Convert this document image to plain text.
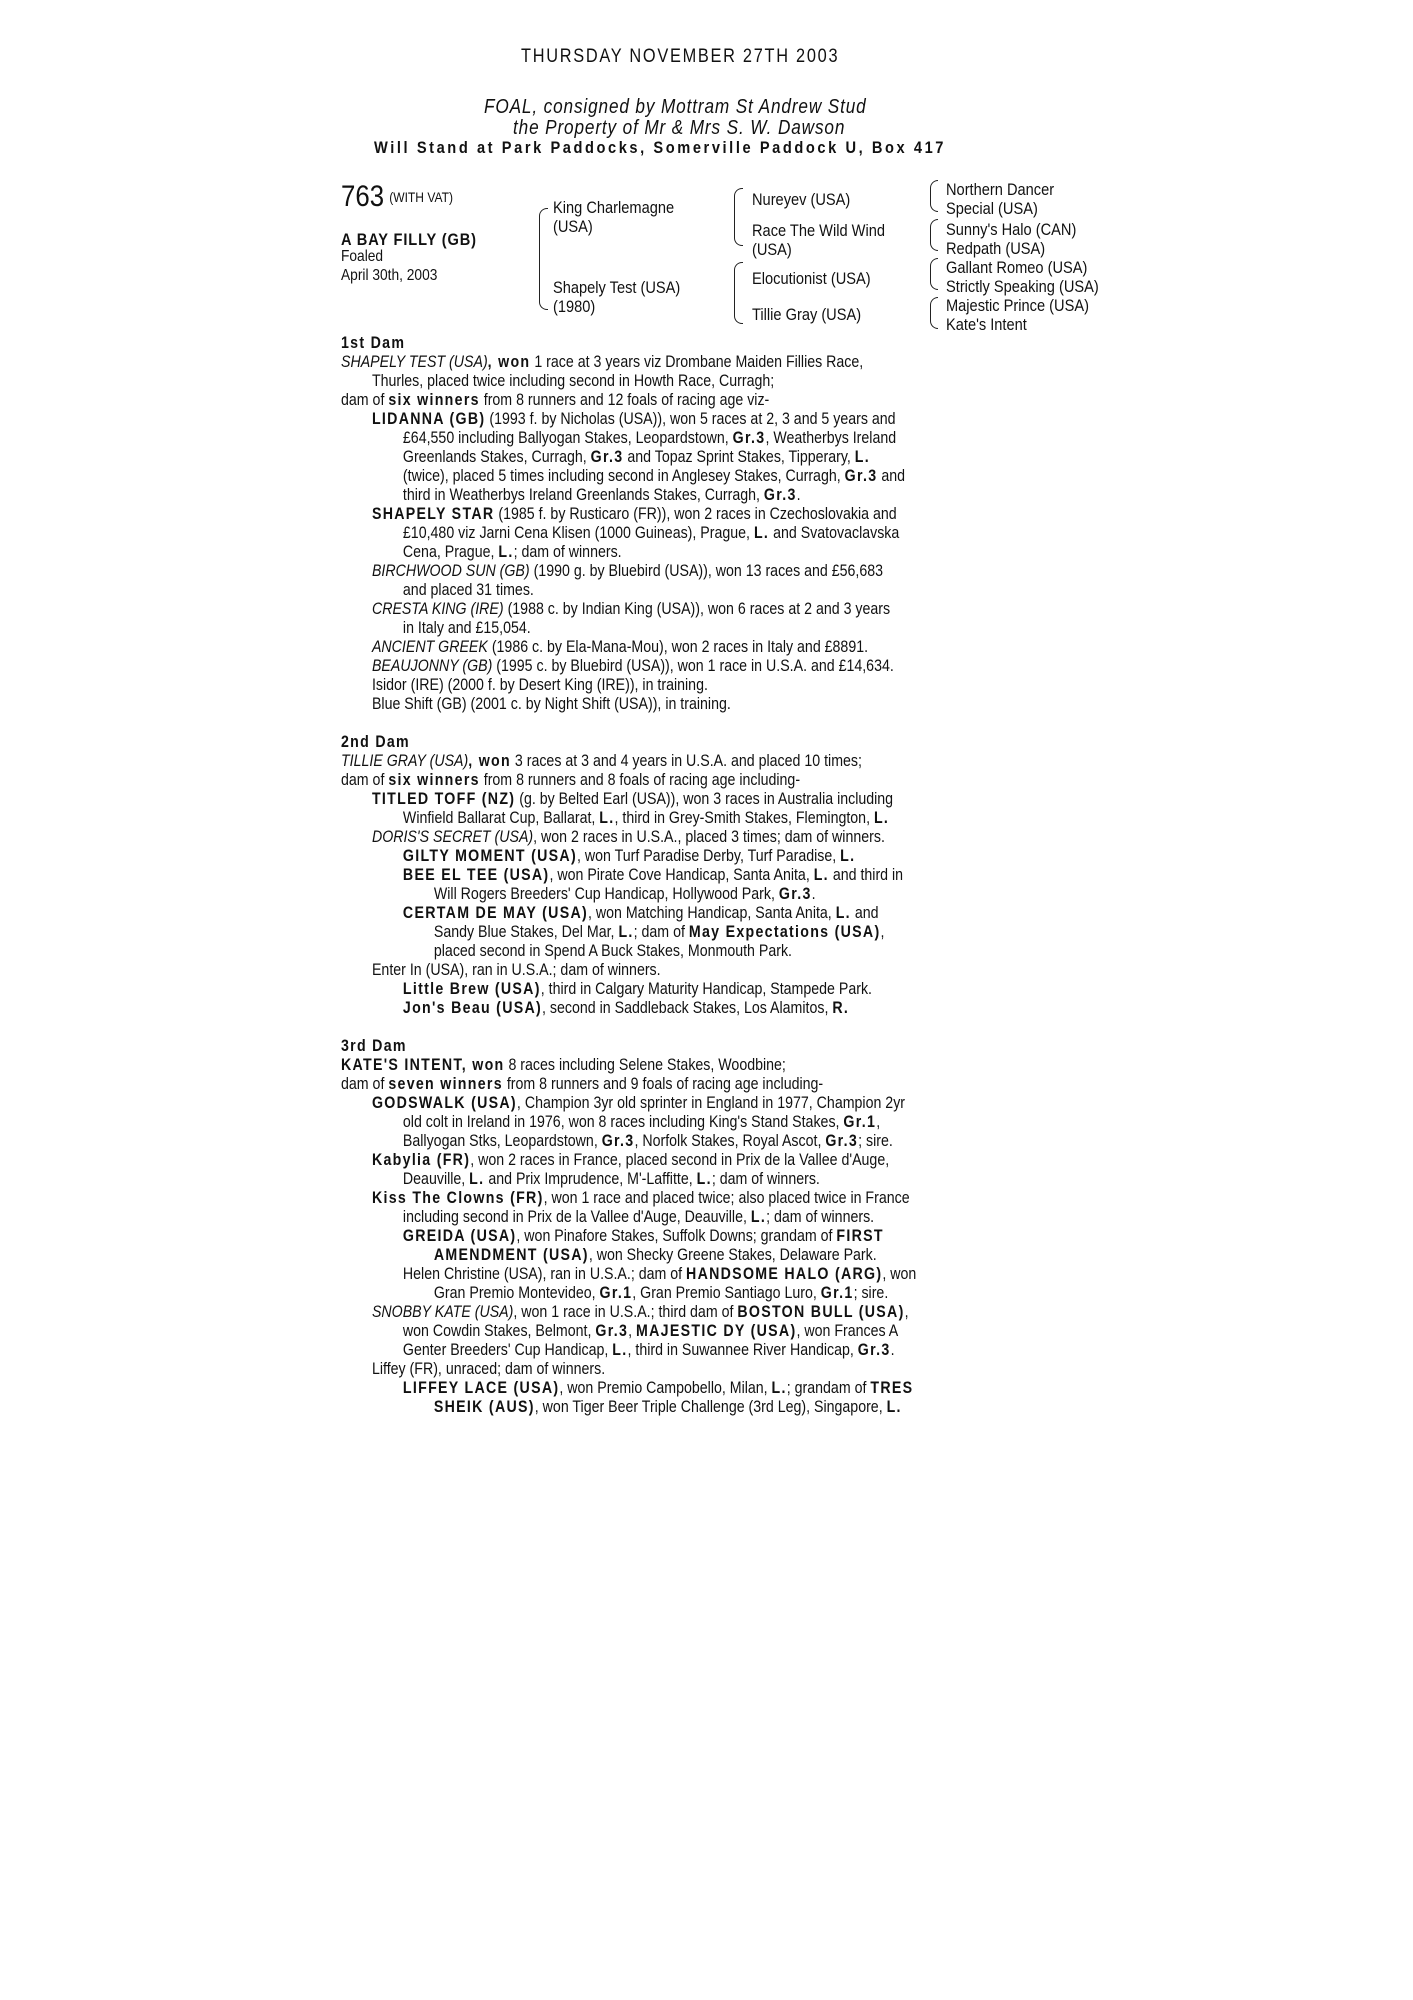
THURSDAY NOVEMBER 27TH 2003
FOAL, consigned by Mottram St Andrew Stud
the Property of Mr & Mrs S. W. Dawson
Will Stand at Park Paddocks, Somerville Paddock U, Box 417
763 (WITH VAT)
A BAY FILLY (GB)
Foaled
April 30th, 2003
King Charlemagne
(USA)
Shapely Test (USA)
(1980)
Nureyev (USA)
Race The Wild Wind
(USA)
Elocutionist (USA)
Tillie Gray (USA)
Northern Dancer
Special (USA)
Sunny's Halo (CAN)
Redpath (USA)
Gallant Romeo (USA)
Strictly Speaking (USA)
Majestic Prince (USA)
Kate's Intent
1st Dam
SHAPELY TEST (USA), won 1 race at 3 years viz Drombane Maiden Fillies Race,
Thurles, placed twice including second in Howth Race, Curragh;
dam of six winners from 8 runners and 12 foals of racing age viz-
LIDANNA (GB) (1993 f. by Nicholas (USA)), won 5 races at 2, 3 and 5 years and
£64,550 including Ballyogan Stakes, Leopardstown, Gr.3, Weatherbys Ireland
Greenlands Stakes, Curragh, Gr.3 and Topaz Sprint Stakes, Tipperary, L.
(twice), placed 5 times including second in Anglesey Stakes, Curragh, Gr.3 and
third in Weatherbys Ireland Greenlands Stakes, Curragh, Gr.3.
SHAPELY STAR (1985 f. by Rusticaro (FR)), won 2 races in Czechoslovakia and
£10,480 viz Jarni Cena Klisen (1000 Guineas), Prague, L. and Svatovaclavska
Cena, Prague, L.; dam of winners.
BIRCHWOOD SUN (GB) (1990 g. by Bluebird (USA)), won 13 races and £56,683
and placed 31 times.
CRESTA KING (IRE) (1988 c. by Indian King (USA)), won 6 races at 2 and 3 years
in Italy and £15,054.
ANCIENT GREEK (1986 c. by Ela-Mana-Mou), won 2 races in Italy and £8891.
BEAUJONNY (GB) (1995 c. by Bluebird (USA)), won 1 race in U.S.A. and £14,634.
Isidor (IRE) (2000 f. by Desert King (IRE)), in training.
Blue Shift (GB) (2001 c. by Night Shift (USA)), in training.
2nd Dam
TILLIE GRAY (USA), won 3 races at 3 and 4 years in U.S.A. and placed 10 times;
dam of six winners from 8 runners and 8 foals of racing age including-
TITLED TOFF (NZ) (g. by Belted Earl (USA)), won 3 races in Australia including
Winfield Ballarat Cup, Ballarat, L., third in Grey-Smith Stakes, Flemington, L.
DORIS'S SECRET (USA), won 2 races in U.S.A., placed 3 times; dam of winners.
GILTY MOMENT (USA), won Turf Paradise Derby, Turf Paradise, L.
BEE EL TEE (USA), won Pirate Cove Handicap, Santa Anita, L. and third in
Will Rogers Breeders' Cup Handicap, Hollywood Park, Gr.3.
CERTAM DE MAY (USA), won Matching Handicap, Santa Anita, L. and
Sandy Blue Stakes, Del Mar, L.; dam of May Expectations (USA),
placed second in Spend A Buck Stakes, Monmouth Park.
Enter In (USA), ran in U.S.A.; dam of winners.
Little Brew (USA), third in Calgary Maturity Handicap, Stampede Park.
Jon's Beau (USA), second in Saddleback Stakes, Los Alamitos, R.
3rd Dam
KATE'S INTENT, won 8 races including Selene Stakes, Woodbine;
dam of seven winners from 8 runners and 9 foals of racing age including-
GODSWALK (USA), Champion 3yr old sprinter in England in 1977, Champion 2yr
old colt in Ireland in 1976, won 8 races including King's Stand Stakes, Gr.1,
Ballyogan Stks, Leopardstown, Gr.3, Norfolk Stakes, Royal Ascot, Gr.3; sire.
Kabylia (FR), won 2 races in France, placed second in Prix de la Vallee d'Auge,
Deauville, L. and Prix Imprudence, M'-Laffitte, L.; dam of winners.
Kiss The Clowns (FR), won 1 race and placed twice; also placed twice in France
including second in Prix de la Vallee d'Auge, Deauville, L.; dam of winners.
GREIDA (USA), won Pinafore Stakes, Suffolk Downs; grandam of FIRST
AMENDMENT (USA), won Shecky Greene Stakes, Delaware Park.
Helen Christine (USA), ran in U.S.A.; dam of HANDSOME HALO (ARG), won
Gran Premio Montevideo, Gr.1, Gran Premio Santiago Luro, Gr.1; sire.
SNOBBY KATE (USA), won 1 race in U.S.A.; third dam of BOSTON BULL (USA),
won Cowdin Stakes, Belmont, Gr.3, MAJESTIC DY (USA), won Frances A
Genter Breeders' Cup Handicap, L., third in Suwannee River Handicap, Gr.3.
Liffey (FR), unraced; dam of winners.
LIFFEY LACE (USA), won Premio Campobello, Milan, L.; grandam of TRES
SHEIK (AUS), won Tiger Beer Triple Challenge (3rd Leg), Singapore, L.
